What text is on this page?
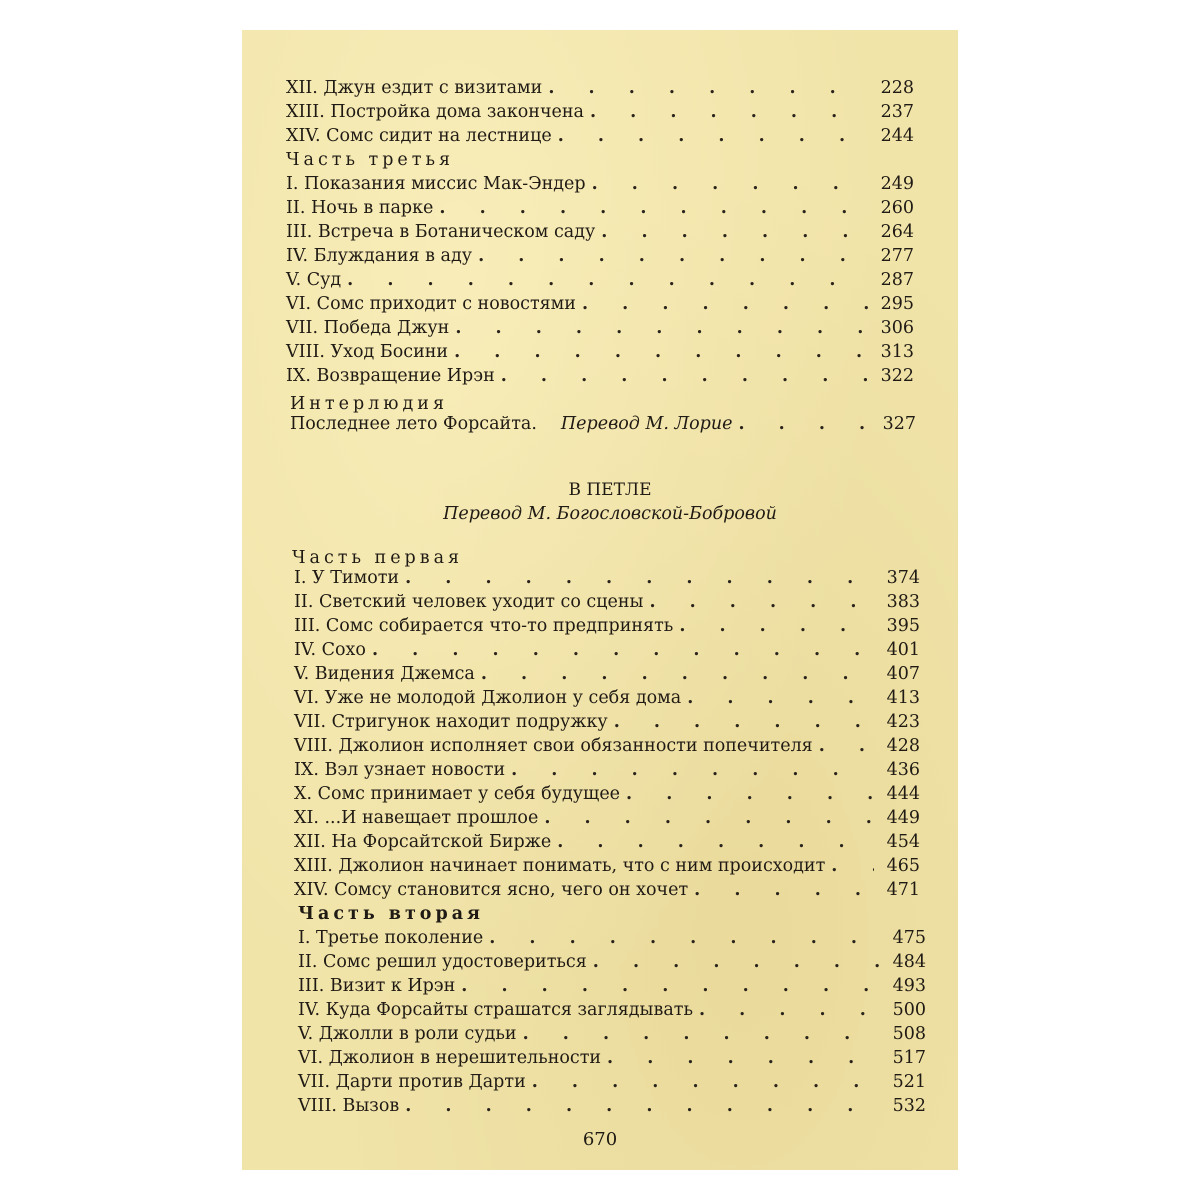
XII. Джун ездит с визитами . . .	228
XIII. Постройка дома закончена . . .	237
XIV. Сомс сидит на лестнице . . .	244
Часть третья
I. Показания миссис Мак-Эндер . . .	249
II. Ночь в парке . . .	260
III. Встреча в Ботаническом саду . . .	264
IV. Блуждания в аду . . .	277
V. Суд . . .	287
VI. Сомс приходит с новостями . . .	295
VII. Победа Джун . . .	306
VIII. Уход Босини . . .	313
IX. Возвращение Ирэн . . .	322
Интерлюдия
Последнее лето Форсайта. Перевод М. Лорие . . .	327
В ПЕТЛЕ
Перевод М. Богословской-Бобровой
Часть первая
I. У Тимоти . . .	374
II. Светский человек уходит со сцены . . .	383
III. Сомс собирается что-то предпринять . . .	395
IV. Сохо . . .	401
V. Видения Джемса . . .	407
VI. Уже не молодой Джолион у себя дома . . .	413
VII. Стригунок находит подружку . . .	423
VIII. Джолион исполняет свои обязанности попечителя . . .	428
IX. Вэл узнает новости . . .	436
X. Сомс принимает у себя будущее . . .	444
XI. ...И навещает прошлое . . .	449
XII. На Форсайтской Бирже . . .	454
XIII. Джолион начинает понимать, что с ним происходит . . .	465
XIV. Сомсу становится ясно, чего он хочет . . .	471
Часть вторая
I. Третье поколение . . .	475
II. Сомс решил удостовериться . . .	484
III. Визит к Ирэн . . .	493
IV. Куда Форсайты страшатся заглядывать . . .	500
V. Джолли в роли судьи . . .	508
VI. Джолион в нерешительности . . .	517
VII. Дарти против Дарти . . .	521
VIII. Вызов . . .	532
670
